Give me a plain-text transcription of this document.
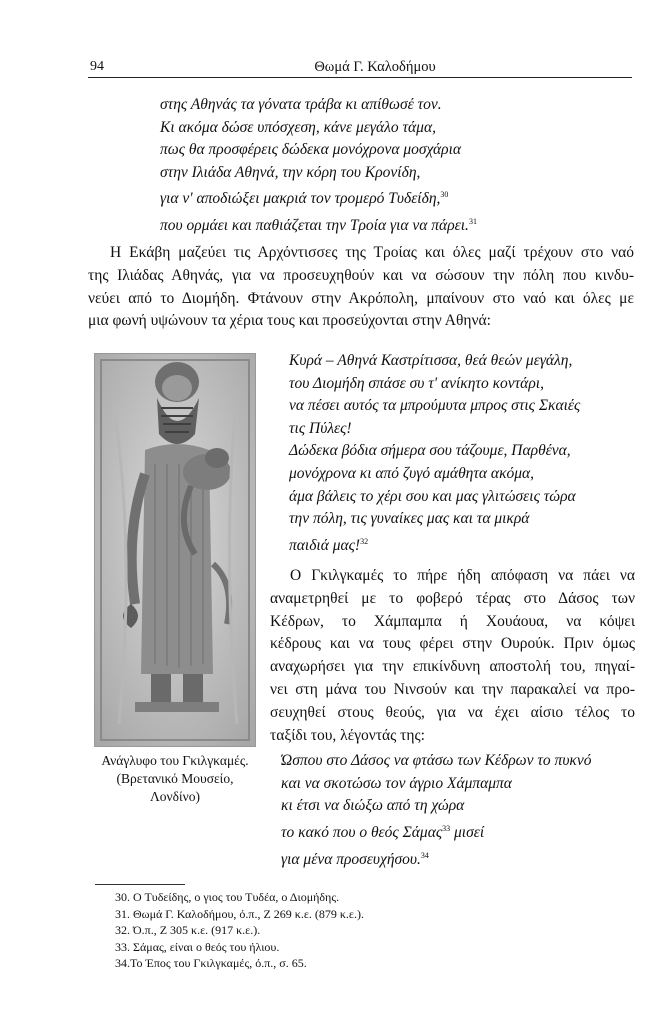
94	Θωμά Γ. Καλοδήμου
στης Αθηνάς τα γόνατα τράβα κι απίθωσέ τον.
Κι ακόμα δώσε υπόσχεση, κάνε μεγάλο τάμα,
πως θα προσφέρεις δώδεκα μονόχρονα μοσχάρια
στην Ιλιάδα Αθηνά, την κόρη του Κρονίδη,
για ν' αποδιώξει μακριά τον τρομερό Τυδείδη,$^{30}$
που ορμάει και παθιάζεται την Τροία για να πάρει.$^{31}$
Η Εκάβη μαζεύει τις Αρχόντισσες της Τροίας και όλες μαζί τρέχουν στο ναό
της Ιλιάδας Αθηνάς, για να προσευχηθούν και να σώσουν την πόλη που κινδυ-
νεύει από το Διομήδη. Φτάνουν στην Ακρόπολη, μπαίνουν στο ναό και όλες με
μια φωνή υψώνουν τα χέρια τους και προσεύχονται στην Αθηνά:
Ανάγλυφο του Γκιλγκαμές.
(Βρετανικό Μουσείο,
Λονδίνο)
Κυρά – Αθηνά Καστρίτισσα, θεά θεών μεγάλη,
του Διομήδη σπάσε συ τ' ανίκητο κοντάρι,
να πέσει αυτός τα μπρούμυτα μπρος στις Σκαιές
τις Πύλες!
Δώδεκα βόδια σήμερα σου τάζουμε, Παρθένα,
μονόχρονα κι από ζυγό αμάθητα ακόμα,
άμα βάλεις το χέρι σου και μας γλιτώσεις τώρα
την πόλη, τις γυναίκες μας και τα μικρά
παιδιά μας!$^{32}$
Ο Γκιλγκαμές το πήρε ήδη απόφαση να πάει να
αναμετρηθεί με το φοβερό τέρας στο Δάσος των
Κέδρων, το Χάμπαμπα ή Χουάουα, να κόψει
κέδρους και να τους φέρει στην Ουρούκ. Πριν όμως
αναχωρήσει για την επικίνδυνη αποστολή του, πηγαί-
νει στη μάνα του Νινσούν και την παρακαλεί να προ-
σευχηθεί στους θεούς, για να έχει αίσιο τέλος το
ταξίδι του, λέγοντάς της:
Ώσπου στο Δάσος να φτάσω των Κέδρων το πυκνό
και να σκοτώσω τον άγριο Χάμπαμπα
κι έτσι να διώξω από τη χώρα
το κακό που ο θεός Σάμας$^{33}$ μισεί
για μένα προσευχήσου.$^{34}$
30. Ο Τυδείδης, ο γιος του Τυδέα, ο Διομήδης.
31. Θωμά Γ. Καλοδήμου, ό.π., Ζ 269 κ.ε. (879 κ.ε.).
32. Ό.π., Ζ 305 κ.ε. (917 κ.ε.).
33. Σάμας, είναι ο θεός του ήλιου.
34.Το Έπος του Γκιλγκαμές, ό.π., σ. 65.
